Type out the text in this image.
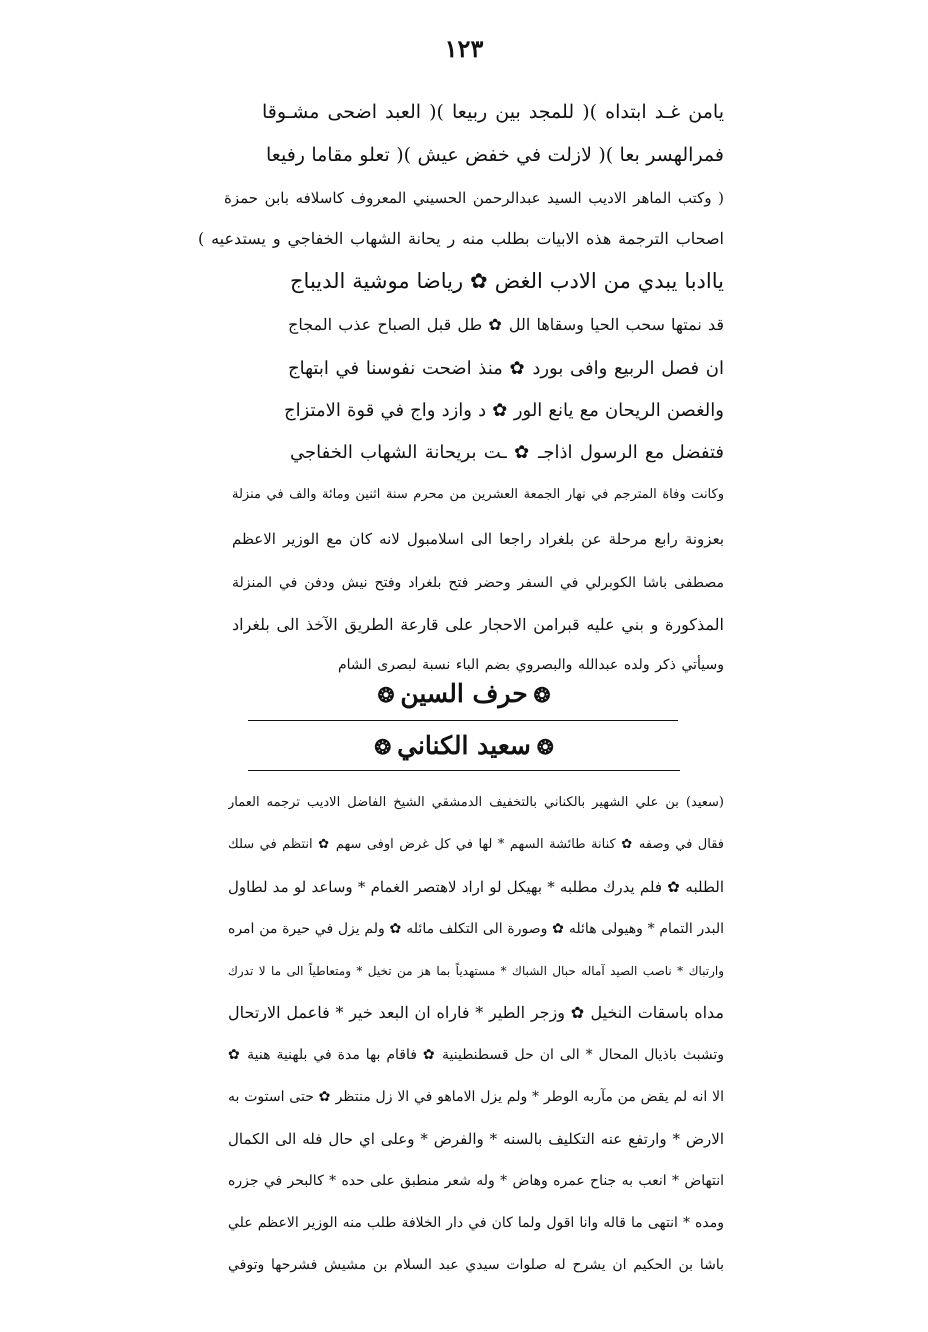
١٢٣
يامن غـد ابتداه )( للمجد بين ربيعا )( العبد اضحى مشـوقا
فمرالهسر بعا )( لازلت في خفض عيش )( تعلو مقاما رفيعا
( وكتب الماهر الاديب السيد عبدالرحمن الحسيني المعروف كاسلافه بابن حمزة
اصحاب الترجمة هذه الابيات بطلب منه ر يحانة الشهاب الخفاجي و يستدعيه )
ياادبا يبدي من الادب الغض ✿ رياضا موشية الديباج
قد نمتها سحب الحيا وسقاها الل ✿ طل قبل الصباح عذب المجاج
ان فصل الربيع وافى بورد ✿ منذ اضحت نفوسنا في ابتهاج
والغصن الريحان مع يانع الور ✿ د وازد واج في قوة الامتزاج
فتفضل مع الرسول اذاجـ ✿ ـت بريحانة الشهاب الخفاجي
وكانت وفاة المترجم في نهار الجمعة العشرين من محرم سنة اثنين ومائة والف في منزلة
بعزونة رابع مرحلة عن بلغراد راجعا الى اسلامبول لانه كان مع الوزير الاعظم
مصطفى باشا الكوبرلي في السفر وحضر فتح بلغراد وفتح نيش ودفن في المنزلة
المذكورة و بني عليه قبرامن الاحجار على قارعة الطريق الآخذ الى بلغراد
وسيأتي ذكر ولده عبدالله والبصروي بضم الباء نسبة لبصرى الشام
❂حرف السين❂
❂سعيد الكناني❂
(سعيد) بن علي الشهير بالكناني بالتخفيف الدمشقي الشيخ الفاضل الاديب ترجمه العمار
فقال في وصفه ✿ كنانة طائشة السهم * لها في كل غرض اوفى سهم ✿ انتظم في سلك
الطلبه ✿ فلم يدرك مطلبه * بهيكل لو اراد لاهتصر الغمام * وساعد لو مد لطاول
البدر التمام * وهيولى هائله ✿ وصورة الى التكلف مائله ✿ ولم يزل في حيرة من امره
وارتباك * ناصب الصيد آماله حبال الشباك * مستهدياً بما هز من تخيل * ومتعاطياً الى ما لا تدرك
مداه باسقات النخيل ✿ وزجر الطير * فاراه ان البعد خير * فاعمل الارتحال
وتشبث باذيال المحال * الى ان حل قسطنطينية ✿ فاقام بها مدة في بلهنية هنية ✿
الا انه لم يقض من مآربه الوطر * ولم يزل الاماهو في الا زل منتظر ✿ حتى استوت به
الارض * وارتفع عنه التكليف بالسنه * والفرض * وعلى اي حال فله الى الكمال
انتهاض * انعب به جناح عمره وهاض * وله شعر منطبق على حده * كالبحر في جزره
ومده * انتهى ما قاله وانا اقول ولما كان في دار الخلافة طلب منه الوزير الاعظم علي
باشا بن الحكيم ان يشرح له صلوات سيدي عبد السلام بن مشيش فشرحها وتوفي
